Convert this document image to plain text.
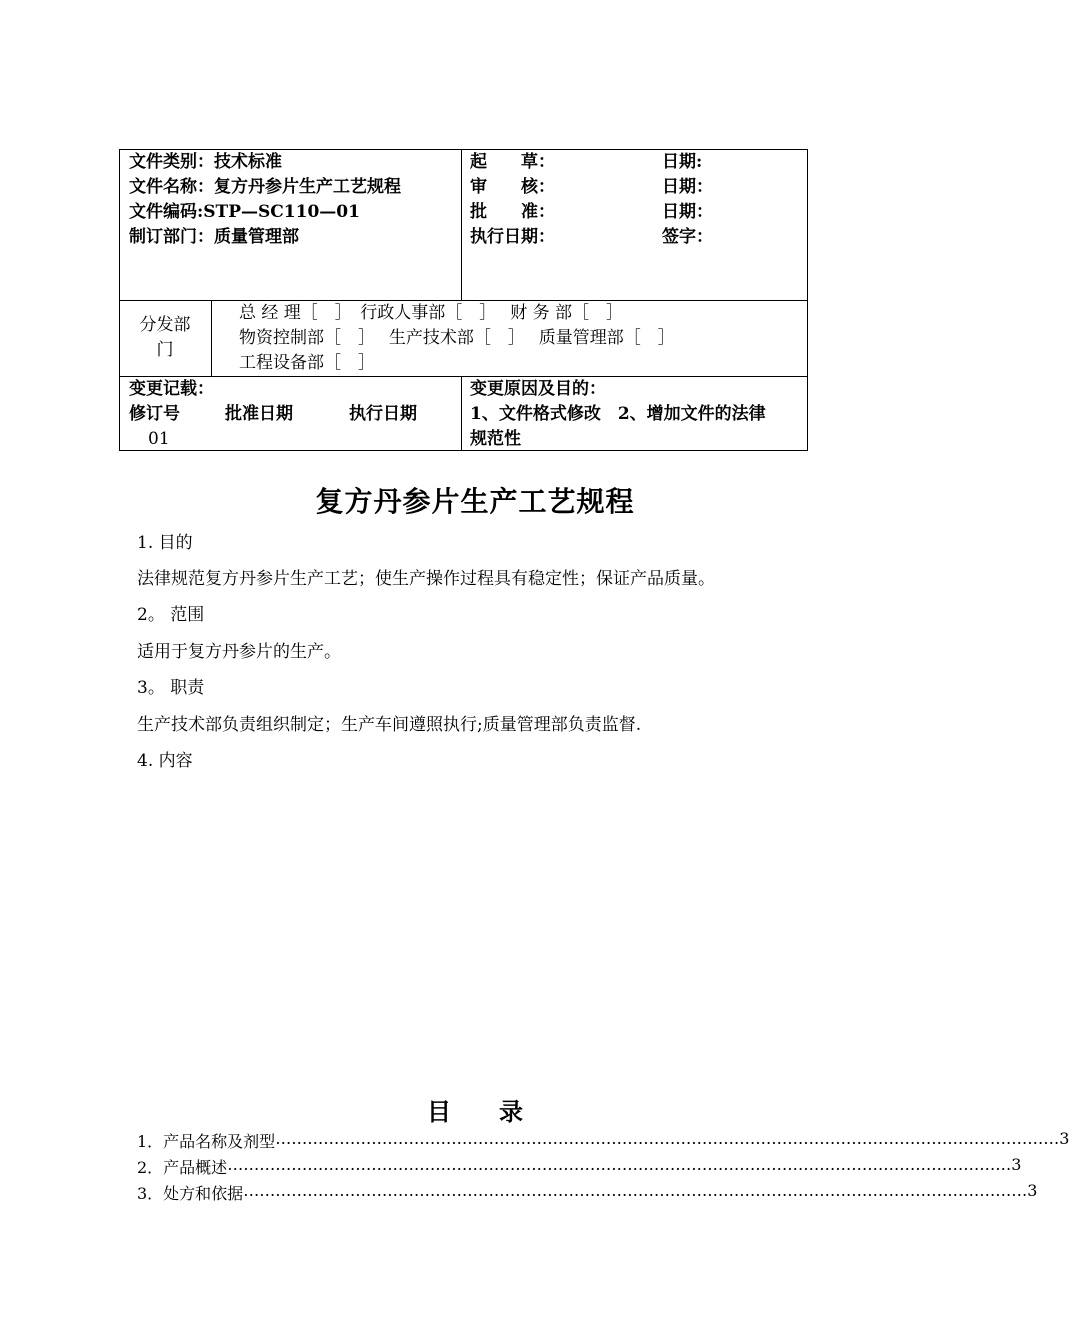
文件类别：技术标准
文件名称：复方丹参片生产工艺规程
文件编码:STP—SC110—01
制订部门：质量管理部
起　　草：
审　　核：
批　　准：
执行日期：
日期:
日期：
日期：
签字：
分发部门
总 经 理［　］　行政人事部［　］　 财 务 部［　］
物资控制部［　］　 生产技术部［　］　 质量管理部［　］
工程设备部［　］
变更记载：
修订号	批准日期	执行日期
01
变更原因及目的：
1、文件格式修改　2、增加文件的法律
规范性
复方丹参片生产工艺规程
1. 目的
法律规范复方丹参片生产工艺；使生产操作过程具有稳定性；保证产品质量。
2。 范围
适用于复方丹参片的生产。
3。 职责
生产技术部负责组织制定；生产车间遵照执行;质量管理部负责监督.
4. 内容
目　　录
1．产品名称及剂型 ………………………………………………………………………………………………………………………………… 3
2．产品概述 ………………………………………………………………………………………………………………………………… 3
3．处方和依据 ………………………………………………………………………………………………………………………………… 3
